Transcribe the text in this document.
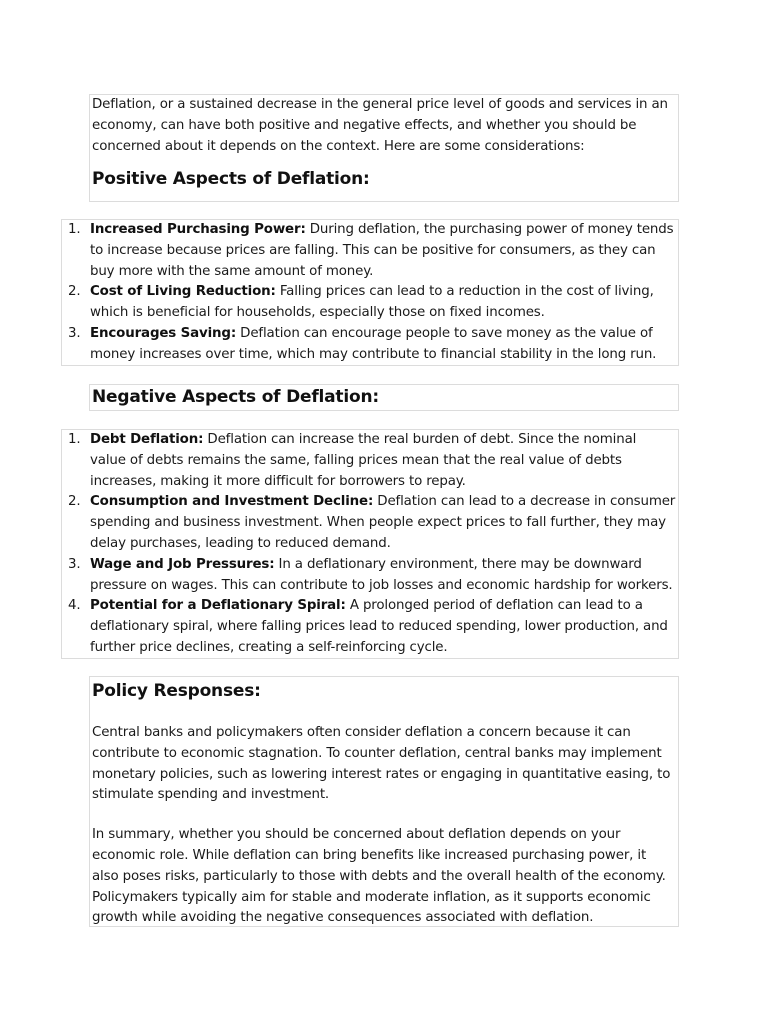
Deflation, or a sustained decrease in the general price level of goods and services in an economy, can have both positive and negative effects, and whether you should be concerned about it depends on the context. Here are some considerations:

Positive Aspects of Deflation:
1. Increased Purchasing Power: During deflation, the purchasing power of money tends to increase because prices are falling. This can be positive for consumers, as they can buy more with the same amount of money.
2. Cost of Living Reduction: Falling prices can lead to a reduction in the cost of living, which is beneficial for households, especially those on fixed incomes.
3. Encourages Saving: Deflation can encourage people to save money as the value of money increases over time, which may contribute to financial stability in the long run.
Negative Aspects of Deflation:
1. Debt Deflation: Deflation can increase the real burden of debt. Since the nominal value of debts remains the same, falling prices mean that the real value of debts increases, making it more difficult for borrowers to repay.
2. Consumption and Investment Decline: Deflation can lead to a decrease in consumer spending and business investment. When people expect prices to fall further, they may delay purchases, leading to reduced demand.
3. Wage and Job Pressures: In a deflationary environment, there may be downward pressure on wages. This can contribute to job losses and economic hardship for workers.
4. Potential for a Deflationary Spiral: A prolonged period of deflation can lead to a deflationary spiral, where falling prices lead to reduced spending, lower production, and further price declines, creating a self-reinforcing cycle.
Policy Responses:

Central banks and policymakers often consider deflation a concern because it can contribute to economic stagnation. To counter deflation, central banks may implement monetary policies, such as lowering interest rates or engaging in quantitative easing, to stimulate spending and investment.

In summary, whether you should be concerned about deflation depends on your economic role. While deflation can bring benefits like increased purchasing power, it also poses risks, particularly to those with debts and the overall health of the economy. Policymakers typically aim for stable and moderate inflation, as it supports economic growth while avoiding the negative consequences associated with deflation.
